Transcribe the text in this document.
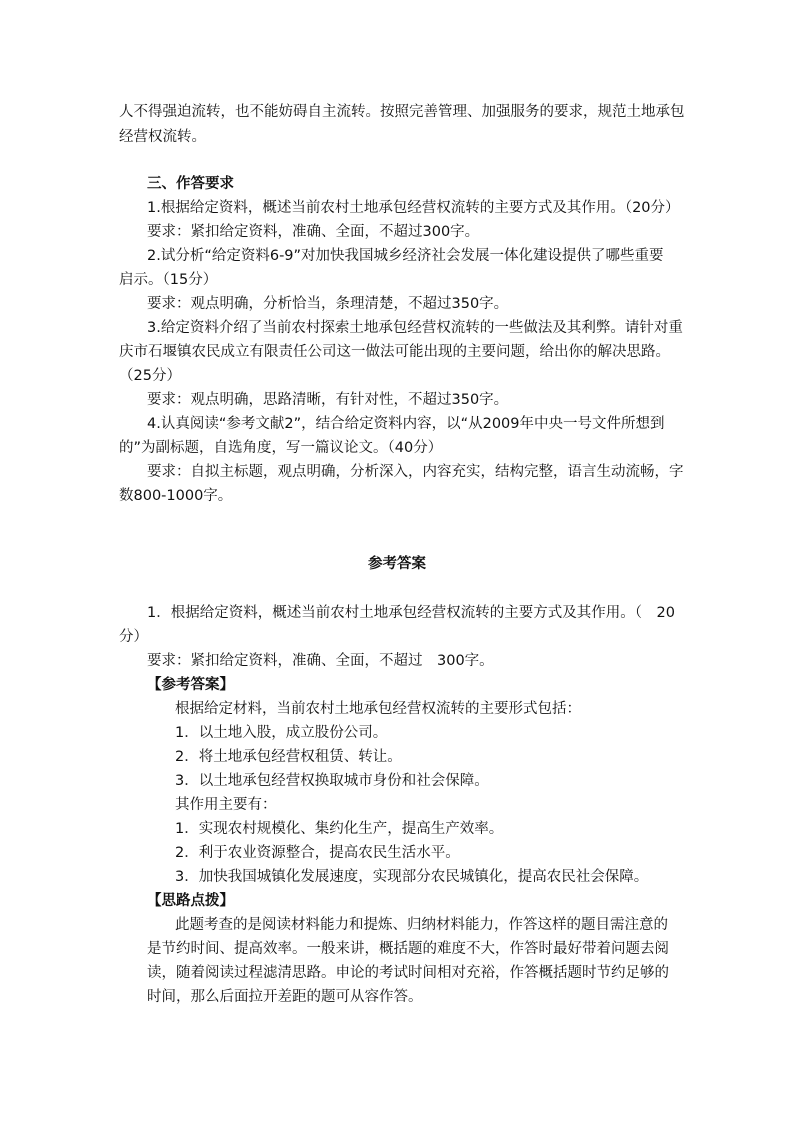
人不得强迫流转，也不能妨碍自主流转。按照完善管理、加强服务的要求，规范土地承包
经营权流转。
三、作答要求
1.根据给定资料，概述当前农村土地承包经营权流转的主要方式及其作用。（20分）
要求：紧扣给定资料，准确、全面，不超过300字。
2.试分析“给定资料6-9”对加快我国城乡经济社会发展一体化建设提供了哪些重要
启示。（15分）
要求：观点明确，分析恰当，条理清楚，不超过350字。
3.给定资料介绍了当前农村探索土地承包经营权流转的一些做法及其利弊。请针对重
庆市石堰镇农民成立有限责任公司这一做法可能出现的主要问题，给出你的解决思路。
（25分）
要求：观点明确，思路清晰，有针对性，不超过350字。
4.认真阅读“参考文献2”，结合给定资料内容，以“从2009年中央一号文件所想到
的”为副标题，自选角度，写一篇议论文。（40分）
要求：自拟主标题，观点明确，分析深入，内容充实，结构完整，语言生动流畅，字
数800-1000字。
参考答案
1．根据给定资料，概述当前农村土地承包经营权流转的主要方式及其作用。（　20
分）
要求：紧扣给定资料，准确、全面，不超过　300字。
【参考答案】
根据给定材料，当前农村土地承包经营权流转的主要形式包括：
1．以土地入股，成立股份公司。
2．将土地承包经营权租赁、转让。
3．以土地承包经营权换取城市身份和社会保障。
其作用主要有：
1．实现农村规模化、集约化生产，提高生产效率。
2．利于农业资源整合，提高农民生活水平。
3．加快我国城镇化发展速度，实现部分农民城镇化，提高农民社会保障。
【思路点拨】
此题考查的是阅读材料能力和提炼、归纳材料能力，作答这样的题目需注意的
是节约时间、提高效率。一般来讲，概括题的难度不大，作答时最好带着问题去阅
读，随着阅读过程滤清思路。申论的考试时间相对充裕，作答概括题时节约足够的
时间，那么后面拉开差距的题可从容作答。
